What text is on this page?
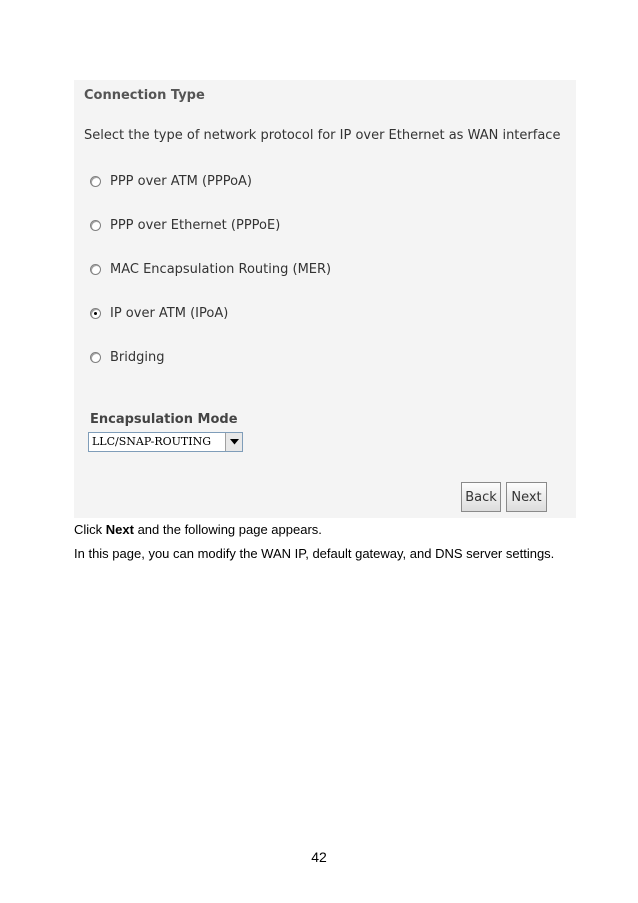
Connection Type
Select the type of network protocol for IP over Ethernet as WAN interface
PPP over ATM (PPPoA)
PPP over Ethernet (PPPoE)
MAC Encapsulation Routing (MER)
IP over ATM (IPoA)
Bridging
Encapsulation Mode
LLC/SNAP-ROUTING
Back	Next
Click Next and the following page appears.
In this page, you can modify the WAN IP, default gateway, and DNS server settings.
42
